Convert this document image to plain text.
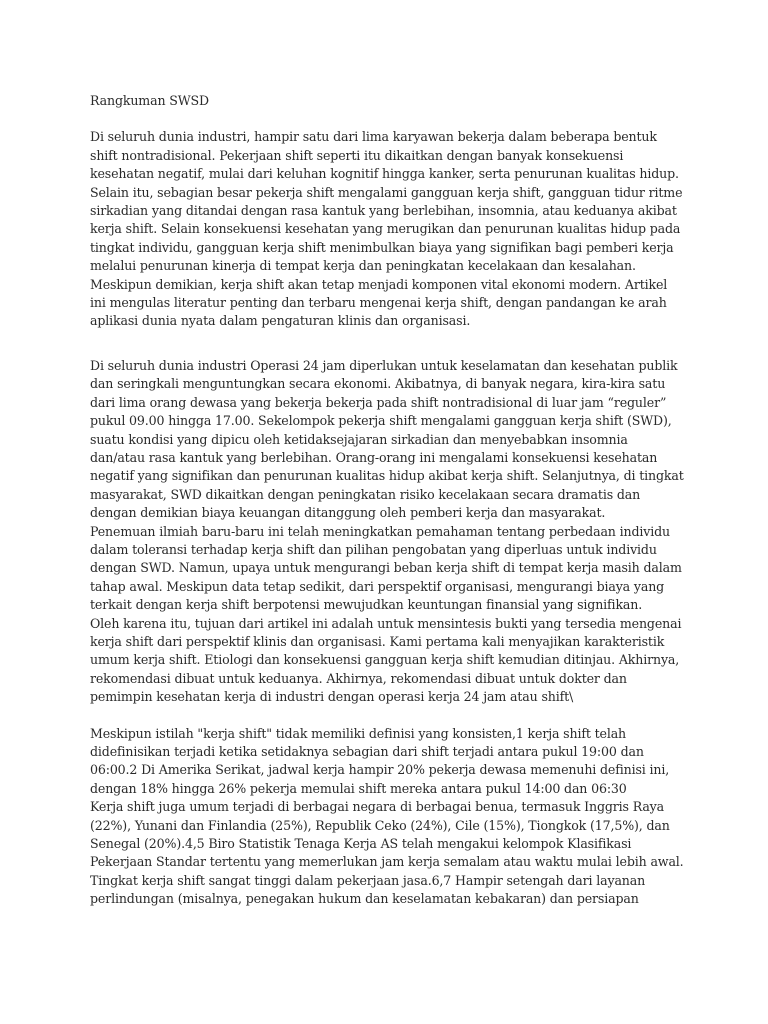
Rangkuman SWSD

Di seluruh dunia industri, hampir satu dari lima karyawan bekerja dalam beberapa bentuk shift nontradisional. Pekerjaan shift seperti itu dikaitkan dengan banyak konsekuensi kesehatan negatif, mulai dari keluhan kognitif hingga kanker, serta penurunan kualitas hidup. Selain itu, sebagian besar pekerja shift mengalami gangguan kerja shift, gangguan tidur ritme sirkadian yang ditandai dengan rasa kantuk yang berlebihan, insomnia, atau keduanya akibat kerja shift. Selain konsekuensi kesehatan yang merugikan dan penurunan kualitas hidup pada tingkat individu, gangguan kerja shift menimbulkan biaya yang signifikan bagi pemberi kerja melalui penurunan kinerja di tempat kerja dan peningkatan kecelakaan dan kesalahan. Meskipun demikian, kerja shift akan tetap menjadi komponen vital ekonomi modern. Artikel ini mengulas literatur penting dan terbaru mengenai kerja shift, dengan pandangan ke arah aplikasi dunia nyata dalam pengaturan klinis dan organisasi.

Di seluruh dunia industri Operasi 24 jam diperlukan untuk keselamatan dan kesehatan publik dan seringkali menguntungkan secara ekonomi. Akibatnya, di banyak negara, kira-kira satu dari lima orang dewasa yang bekerja bekerja pada shift nontradisional di luar jam “reguler” pukul 09.00 hingga 17.00. Sekelompok pekerja shift mengalami gangguan kerja shift (SWD), suatu kondisi yang dipicu oleh ketidaksejajaran sirkadian dan menyebabkan insomnia dan/atau rasa kantuk yang berlebihan. Orang-orang ini mengalami konsekuensi kesehatan negatif yang signifikan dan penurunan kualitas hidup akibat kerja shift. Selanjutnya, di tingkat masyarakat, SWD dikaitkan dengan peningkatan risiko kecelakaan secara dramatis dan dengan demikian biaya keuangan ditanggung oleh pemberi kerja dan masyarakat.

Penemuan ilmiah baru-baru ini telah meningkatkan pemahaman tentang perbedaan individu dalam toleransi terhadap kerja shift dan pilihan pengobatan yang diperluas untuk individu dengan SWD. Namun, upaya untuk mengurangi beban kerja shift di tempat kerja masih dalam tahap awal. Meskipun data tetap sedikit, dari perspektif organisasi, mengurangi biaya yang terkait dengan kerja shift berpotensi mewujudkan keuntungan finansial yang signifikan.

Oleh karena itu, tujuan dari artikel ini adalah untuk mensintesis bukti yang tersedia mengenai kerja shift dari perspektif klinis dan organisasi. Kami pertama kali menyajikan karakteristik umum kerja shift. Etiologi dan konsekuensi gangguan kerja shift kemudian ditinjau. Akhirnya, rekomendasi dibuat untuk keduanya. Akhirnya, rekomendasi dibuat untuk dokter dan pemimpin kesehatan kerja di industri dengan operasi kerja 24 jam atau shift\

Meskipun istilah "kerja shift" tidak memiliki definisi yang konsisten,1 kerja shift telah didefinisikan terjadi ketika setidaknya sebagian dari shift terjadi antara pukul 19:00 dan 06:00.2 Di Amerika Serikat, jadwal kerja hampir 20% pekerja dewasa memenuhi definisi ini, dengan 18% hingga 26% pekerja memulai shift mereka antara pukul 14:00 dan 06:30

Kerja shift juga umum terjadi di berbagai negara di berbagai benua, termasuk Inggris Raya (22%), Yunani dan Finlandia (25%), Republik Ceko (24%), Cile (15%), Tiongkok (17,5%), dan Senegal (20%).4,5 Biro Statistik Tenaga Kerja AS telah mengakui kelompok Klasifikasi Pekerjaan Standar tertentu yang memerlukan jam kerja semalam atau waktu mulai lebih awal.

Tingkat kerja shift sangat tinggi dalam pekerjaan jasa.6,7 Hampir setengah dari layanan perlindungan (misalnya, penegakan hukum dan keselamatan kebakaran) dan persiapan
